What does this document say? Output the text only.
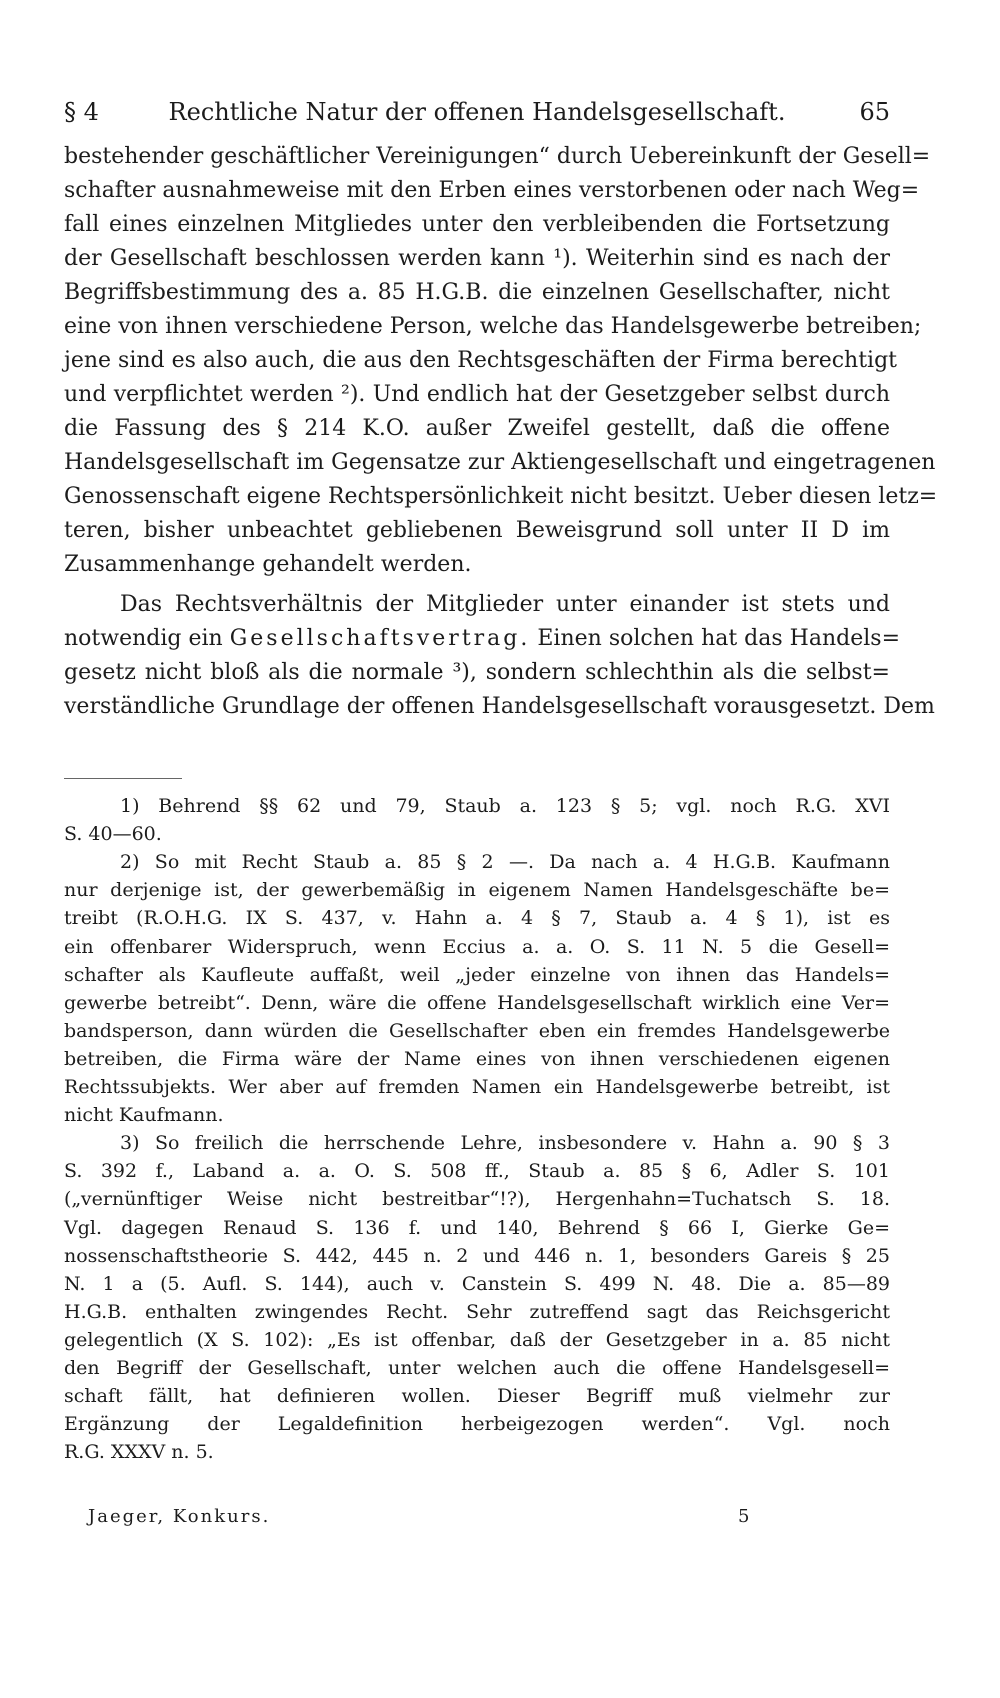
§ 4	Rechtliche Natur der offenen Handelsgesellschaft.	65
bestehender geschäftlicher Vereinigungen“ durch Uebereinkunft der Gesell=
schafter ausnahmeweise mit den Erben eines verstorbenen oder nach Weg=
fall eines einzelnen Mitgliedes unter den verbleibenden die Fortsetzung
der Gesellschaft beschlossen werden kann ¹). Weiterhin sind es nach der
Begriffsbestimmung des a. 85 H.G.B. die einzelnen Gesellschafter, nicht
eine von ihnen verschiedene Person, welche das Handelsgewerbe betreiben;
jene sind es also auch, die aus den Rechtsgeschäften der Firma berechtigt
und verpflichtet werden ²). Und endlich hat der Gesetzgeber selbst durch
die Fassung des § 214 K.O. außer Zweifel gestellt, daß die offene
Handelsgesellschaft im Gegensatze zur Aktiengesellschaft und eingetragenen
Genossenschaft eigene Rechtspersönlichkeit nicht besitzt. Ueber diesen letz=
teren, bisher unbeachtet gebliebenen Beweisgrund soll unter II D im
Zusammenhange gehandelt werden.
Das Rechtsverhältnis der Mitglieder unter einander ist stets und
notwendig ein Gesellschaftsvertrag. Einen solchen hat das Handels=
gesetz nicht bloß als die normale ³), sondern schlechthin als die selbst=
verständliche Grundlage der offenen Handelsgesellschaft vorausgesetzt. Dem
1) Behrend §§ 62 und 79, Staub a. 123 § 5; vgl. noch R.G. XVI
S. 40—60.
2) So mit Recht Staub a. 85 § 2 —. Da nach a. 4 H.G.B. Kaufmann
nur derjenige ist, der gewerbemäßig in eigenem Namen Handelsgeschäfte be=
treibt (R.O.H.G. IX S. 437, v. Hahn a. 4 § 7, Staub a. 4 § 1), ist es
ein offenbarer Widerspruch, wenn Eccius a. a. O. S. 11 N. 5 die Gesell=
schafter als Kaufleute auffaßt, weil „jeder einzelne von ihnen das Handels=
gewerbe betreibt“. Denn, wäre die offene Handelsgesellschaft wirklich eine Ver=
bandsperson, dann würden die Gesellschafter eben ein fremdes Handelsgewerbe
betreiben, die Firma wäre der Name eines von ihnen verschiedenen eigenen
Rechtssubjekts. Wer aber auf fremden Namen ein Handelsgewerbe betreibt, ist
nicht Kaufmann.
3) So freilich die herrschende Lehre, insbesondere v. Hahn a. 90 § 3
S. 392 f., Laband a. a. O. S. 508 ff., Staub a. 85 § 6, Adler S. 101
(„vernünftiger Weise nicht bestreitbar“!?), Hergenhahn=Tuchatsch S. 18.
Vgl. dagegen Renaud S. 136 f. und 140, Behrend § 66 I, Gierke Ge=
nossenschaftstheorie S. 442, 445 n. 2 und 446 n. 1, besonders Gareis § 25
N. 1 a (5. Aufl. S. 144), auch v. Canstein S. 499 N. 48. Die a. 85—89
H.G.B. enthalten zwingendes Recht. Sehr zutreffend sagt das Reichsgericht
gelegentlich (X S. 102): „Es ist offenbar, daß der Gesetzgeber in a. 85 nicht
den Begriff der Gesellschaft, unter welchen auch die offene Handelsgesell=
schaft fällt, hat definieren wollen. Dieser Begriff muß vielmehr zur
Ergänzung der Legaldefinition herbeigezogen werden“. Vgl. noch
R.G. XXXV n. 5.
Jaeger, Konkurs.	5
